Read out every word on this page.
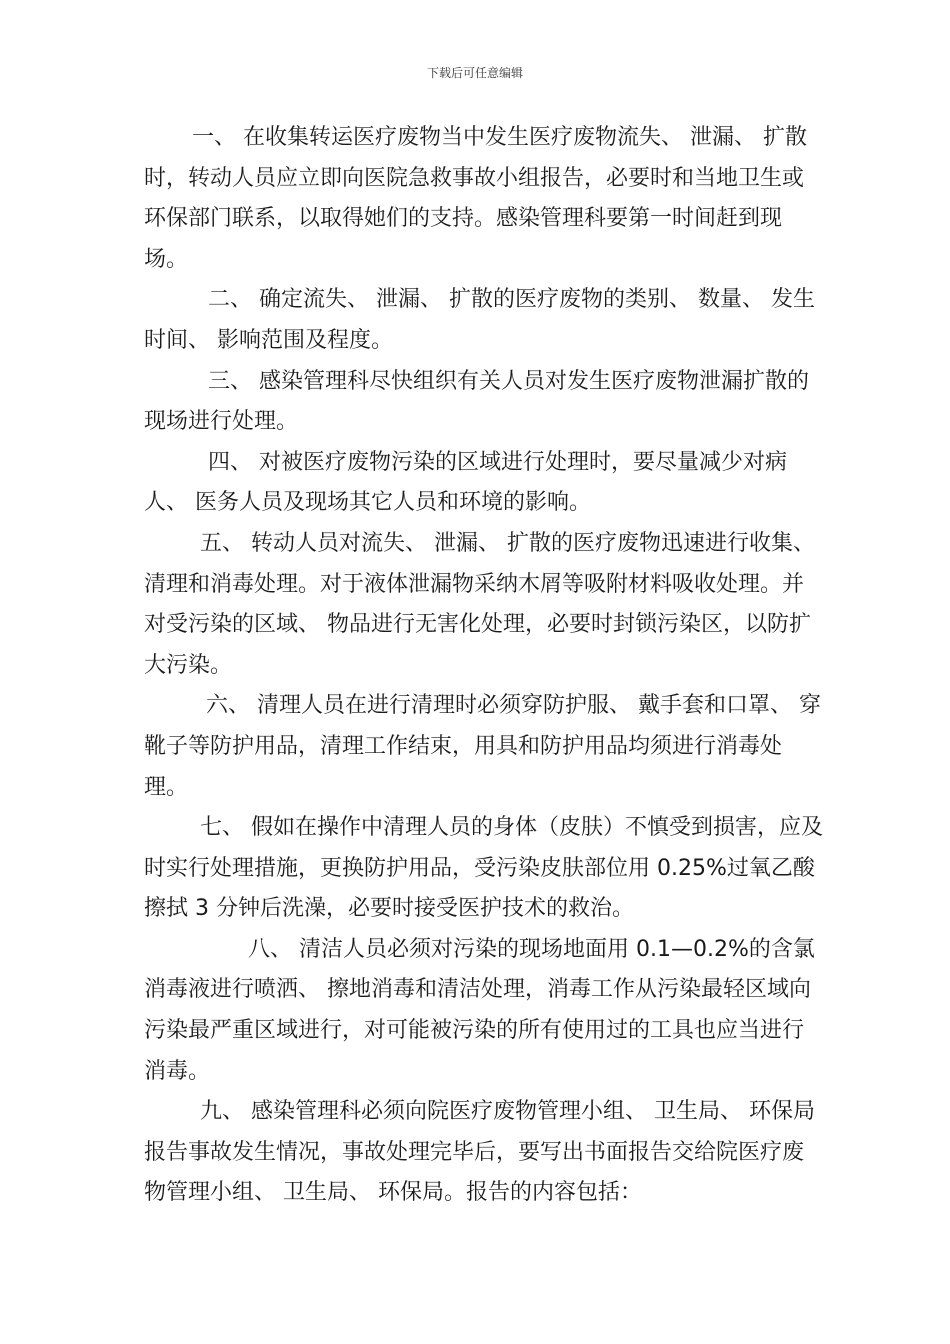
下载后可任意编辑

一、 在收集转运医疗废物当中发生医疗废物流失、 泄漏、 扩散时，转动人员应立即向医院急救事故小组报告，必要时和当地卫生或环保部门联系，以取得她们的支持。感染管理科要第一时间赶到现场。

二、 确定流失、 泄漏、 扩散的医疗废物的类别、 数量、 发生时间、 影响范围及程度。

三、 感染管理科尽快组织有关人员对发生医疗废物泄漏扩散的现场进行处理。

四、 对被医疗废物污染的区域进行处理时，要尽量减少对病人、 医务人员及现场其它人员和环境的影响。

五、 转动人员对流失、 泄漏、 扩散的医疗废物迅速进行收集、 清理和消毒处理。对于液体泄漏物采纳木屑等吸附材料吸收处理。并对受污染的区域、 物品进行无害化处理，必要时封锁污染区，以防扩大污染。

六、 清理人员在进行清理时必须穿防护服、 戴手套和口罩、 穿靴子等防护用品，清理工作结束，用具和防护用品均须进行消毒处理。

七、 假如在操作中清理人员的身体（皮肤）不慎受到损害，应及时实行处理措施，更换防护用品，受污染皮肤部位用 0.25%过氧乙酸擦拭 3 分钟后洗澡，必要时接受医护技术的救治。

八、 清洁人员必须对污染的现场地面用 0.1—0.2%的含氯消毒液进行喷洒、 擦地消毒和清洁处理，消毒工作从污染最轻区域向污染最严重区域进行，对可能被污染的所有使用过的工具也应当进行消毒。

九、 感染管理科必须向院医疗废物管理小组、 卫生局、 环保局报告事故发生情况，事故处理完毕后，要写出书面报告交给院医疗废物管理小组、 卫生局、 环保局。报告的内容包括：
